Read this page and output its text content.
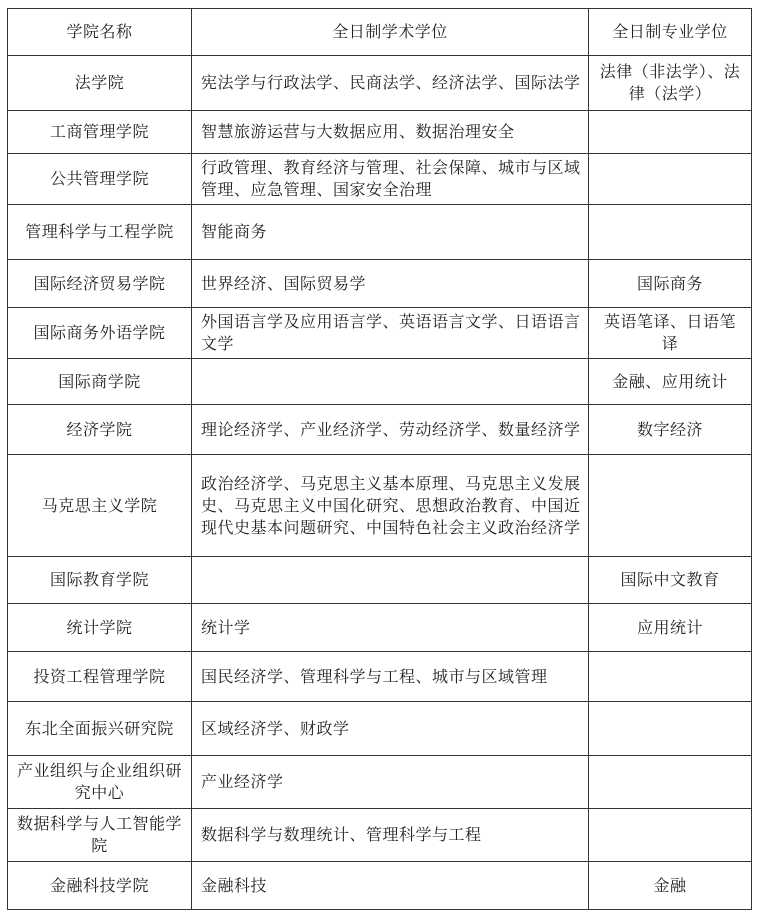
学院名称	全日制学术学位	全日制专业学位
法学院	宪法学与行政法学、民商法学、经济法学、国际法学	法律（非法学）、法律（法学）
工商管理学院	智慧旅游运营与大数据应用、数据治理安全	
公共管理学院	行政管理、教育经济与管理、社会保障、城市与区域管理、应急管理、国家安全治理	
管理科学与工程学院	智能商务	
国际经济贸易学院	世界经济、国际贸易学	国际商务
国际商务外语学院	外国语言学及应用语言学、英语语言文学、日语语言文学	英语笔译、日语笔译
国际商学院		金融、应用统计
经济学院	理论经济学、产业经济学、劳动经济学、数量经济学	数字经济
马克思主义学院	政治经济学、马克思主义基本原理、马克思主义发展史、马克思主义中国化研究、思想政治教育、中国近现代史基本问题研究、中国特色社会主义政治经济学	
国际教育学院		国际中文教育
统计学院	统计学	应用统计
投资工程管理学院	国民经济学、管理科学与工程、城市与区域管理	
东北全面振兴研究院	区域经济学、财政学	
产业组织与企业组织研究中心	产业经济学	
数据科学与人工智能学院	数据科学与数理统计、管理科学与工程	
金融科技学院	金融科技	金融
